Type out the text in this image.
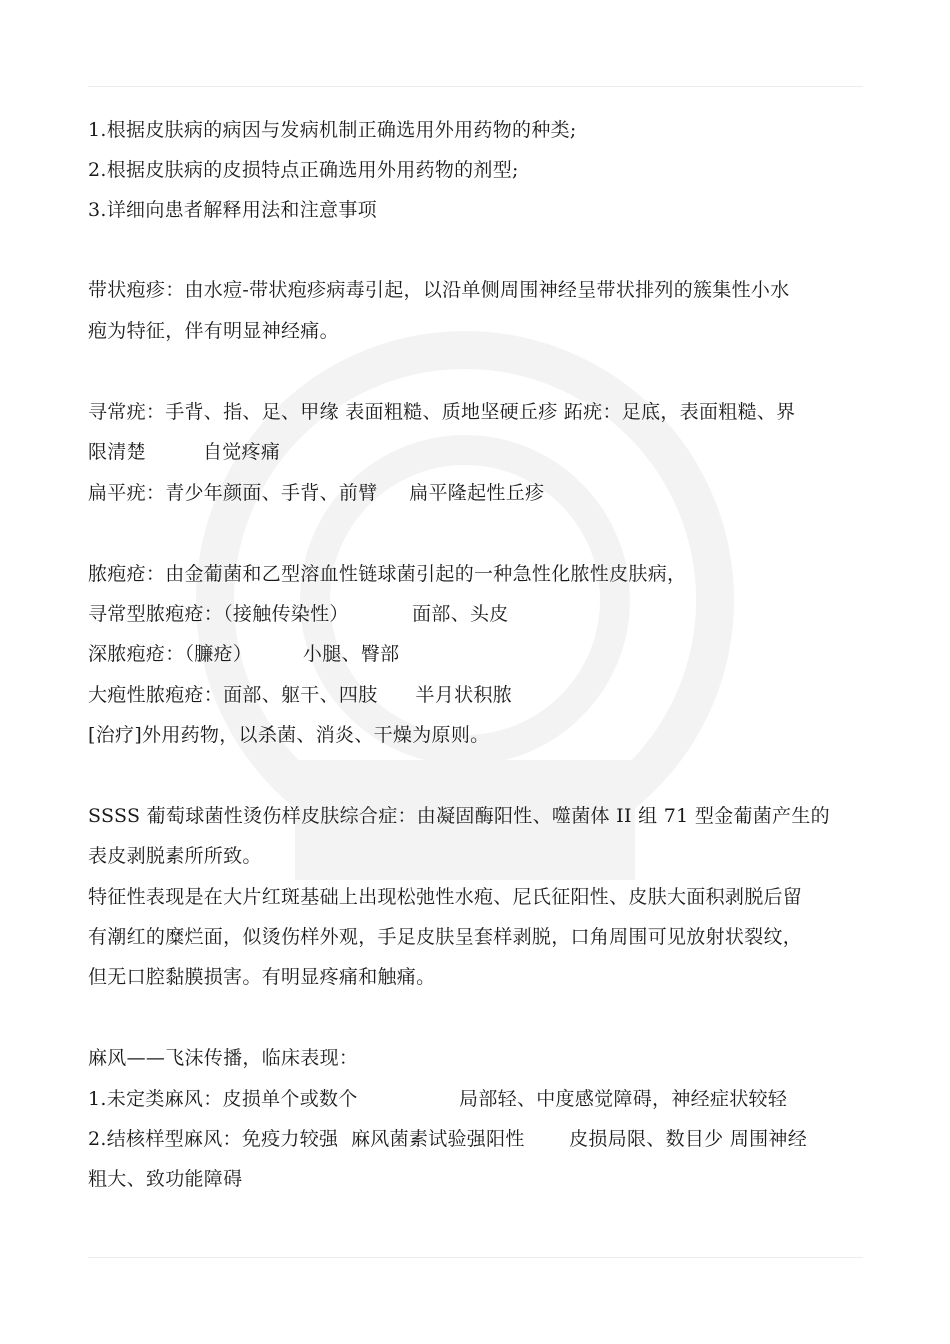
1.根据皮肤病的病因与发病机制正确选用外用药物的种类;
2.根据皮肤病的皮损特点正确选用外用药物的剂型;
3.详细向患者解释用法和注意事项
带状疱疹：由水痘-带状疱疹病毒引起，以沿单侧周围神经呈带状排列的簇集性小水
疱为特征，伴有明显神经痛。
寻常疣：手背、指、足、甲缘 表面粗糙、质地坚硬丘疹 跖疣：足底，表面粗糙、界
限清楚         自觉疼痛
扁平疣：青少年颜面、手背、前臂     扁平隆起性丘疹
脓疱疮：由金葡菌和乙型溶血性链球菌引起的一种急性化脓性皮肤病，
寻常型脓疱疮：（接触传染性）          面部、头皮
深脓疱疮：（臁疮）        小腿、臀部
大疱性脓疱疮：面部、躯干、四肢      半月状积脓
[治疗]外用药物，以杀菌、消炎、干燥为原则。
SSSS 葡萄球菌性烫伤样皮肤综合症：由凝固酶阳性、噬菌体 II 组 71 型金葡菌产生的
表皮剥脱素所所致。
特征性表现是在大片红斑基础上出现松弛性水疱、尼氏征阳性、皮肤大面积剥脱后留
有潮红的糜烂面，似烫伤样外观，手足皮肤呈套样剥脱，口角周围可见放射状裂纹，
但无口腔黏膜损害。有明显疼痛和触痛。
麻风——飞沫传播，临床表现：
1.未定类麻风：皮损单个或数个                局部轻、中度感觉障碍，神经症状较轻
2.结核样型麻风：免疫力较强  麻风菌素试验强阳性       皮损局限、数目少 周围神经
粗大、致功能障碍
